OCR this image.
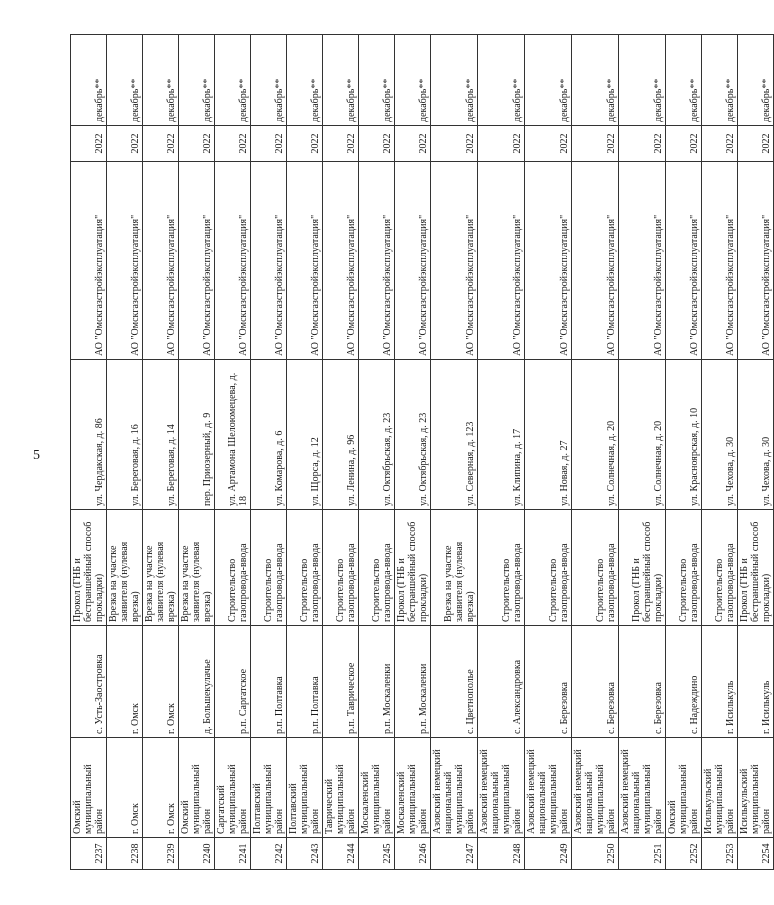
5
2237	Омский муниципальный район	с. Усть-Заостровка	Прокол (ГНБ и бестраншейный способ прокладки)	ул. Чердакская, д. 86	АО "Омскгазстройэксплуатация"	2022	декабрь**
2238	г. Омск	г. Омск	Врезка на участке заявителя (нулевая врезка)	ул. Береговая, д. 16	АО "Омскгазстройэксплуатация"	2022	декабрь**
2239	г. Омск	г. Омск	Врезка на участке заявителя (нулевая врезка)	ул. Береговая, д. 14	АО "Омскгазстройэксплуатация"	2022	декабрь**
2240	Омский муниципальный район	д. Большекулачье	Врезка на участке заявителя (нулевая врезка)	пер. Приозерный, д. 9	АО "Омскгазстройэксплуатация"	2022	декабрь**
2241	Саргатский муниципальный район	р.п. Саргатское	Строительство газопровода-ввода	ул. Артамона Шелоюмецева, д. 18	АО "Омскгазстройэксплуатация"	2022	декабрь**
2242	Полтавский муниципальный район	р.п. Полтавка	Строительство газопровода-ввода	ул. Комарова, д. 6	АО "Омскгазстройэксплуатация"	2022	декабрь**
2243	Полтавский муниципальный район	р.п. Полтавка	Строительство газопровода-ввода	ул. Щорса, д. 12	АО "Омскгазстройэксплуатация"	2022	декабрь**
2244	Таврический муниципальный район	р.п. Таврическое	Строительство газопровода-ввода	ул. Ленина, д. 96	АО "Омскгазстройэксплуатация"	2022	декабрь**
2245	Москаленский муниципальный район	р.п. Москаленки	Строительство газопровода-ввода	ул. Октябрьская, д. 23	АО "Омскгазстройэксплуатация"	2022	декабрь**
2246	Москаленский муниципальный район	р.п. Москаленки	Прокол (ГНБ и бестраншейный способ прокладки)	ул. Октябрьская, д. 23	АО "Омскгазстройэксплуатация"	2022	декабрь**
2247	Азовский немецкий национальный муниципальный район	с. Цветнополье	Врезка на участке заявителя (нулевая врезка)	ул. Северная, д. 123	АО "Омскгазстройэксплуатация"	2022	декабрь**
2248	Азовский немецкий национальный муниципальный район	с. Александровка	Строительство газопровода-ввода	ул. Клипина, д. 17	АО "Омскгазстройэксплуатация"	2022	декабрь**
2249	Азовский немецкий национальный муниципальный район	с. Березовка	Строительство газопровода-ввода	ул. Новая, д. 27	АО "Омскгазстройэксплуатация"	2022	декабрь**
2250	Азовский немецкий национальный муниципальный район	с. Березовка	Строительство газопровода-ввода	ул. Солнечная, д. 20	АО "Омскгазстройэксплуатация"	2022	декабрь**
2251	Азовский немецкий национальный муниципальный район	с. Березовка	Прокол (ГНБ и бестраншейный способ прокладки)	ул. Солнечная, д. 20	АО "Омскгазстройэксплуатация"	2022	декабрь**
2252	Омский муниципальный район	с. Надеждино	Строительство газопровода-ввода	ул. Красноярская, д. 10	АО "Омскгазстройэксплуатация"	2022	декабрь**
2253	Исилькульский муниципальный район	г. Исилькуль	Строительство газопровода-ввода	ул. Чехова, д. 30	АО "Омскгазстройэксплуатация"	2022	декабрь**
2254	Исилькульский муниципальный район	г. Исилькуль	Прокол (ГНБ и бестраншейный способ прокладки)	ул. Чехова, д. 30	АО "Омскгазстройэксплуатация"	2022	декабрь**
